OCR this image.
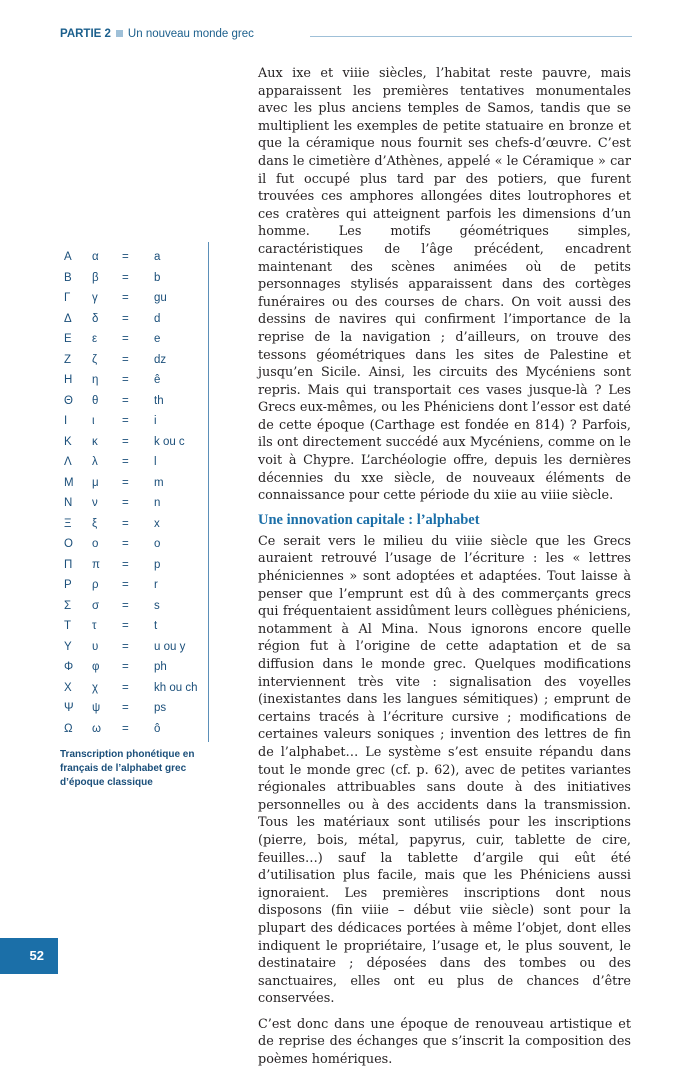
PARTIE 2 Un nouveau monde grec
Α α = a
Β β = b
Γ γ = gu
Δ δ = d
Ε ε = e
Ζ ζ = dz
Η η = ê
Θ θ = th
Ι ι = i
Κ κ = k ou c
Λ λ = l
Μ μ = m
Ν ν = n
Ξ ξ = x
Ο ο = o
Π π = p
Ρ ρ = r
Σ σ = s
Τ τ = t
Υ υ = u ou y
Φ φ = ph
Χ χ = kh ou ch
Ψ ψ = ps
Ω ω = ô
Transcription phonétique en français de l’alphabet grec d’époque classique

Aux ixe et viiie siècles, l’habitat reste pauvre, mais apparaissent les premières tentatives monumentales avec les plus anciens temples de Samos, tandis que se multiplient les exemples de petite statuaire en bronze et que la céramique nous fournit ses chefs-d’œuvre. C’est dans le cimetière d’Athènes, appelé « le Céramique » car il fut occupé plus tard par des potiers, que furent trouvées ces amphores allongées dites loutrophores et ces cratères qui atteignent parfois les dimensions d’un homme. Les motifs géométriques simples, caractéristiques de l’âge précédent, encadrent maintenant des scènes animées où de petits personnages stylisés apparaissent dans des cortèges funéraires ou des courses de chars. On voit aussi des dessins de navires qui confirment l’importance de la reprise de la navigation ; d’ailleurs, on trouve des tessons géométriques dans les sites de Palestine et jusqu’en Sicile. Ainsi, les circuits des Mycéniens sont repris. Mais qui transportait ces vases jusque-là ? Les Grecs eux-mêmes, ou les Phéniciens dont l’essor est daté de cette époque (Carthage est fondée en 814) ? Parfois, ils ont directement succédé aux Mycéniens, comme on le voit à Chypre. L’archéologie offre, depuis les dernières décennies du xxe siècle, de nouveaux éléments de connaissance pour cette période du xiie au viiie siècle.

Une innovation capitale : l’alphabet

Ce serait vers le milieu du viiie siècle que les Grecs auraient retrouvé l’usage de l’écriture : les « lettres phéniciennes » sont adoptées et adaptées. Tout laisse à penser que l’emprunt est dû à des commerçants grecs qui fréquentaient assidûment leurs collègues phéniciens, notamment à Al Mina. Nous ignorons encore quelle région fut à l’origine de cette adaptation et de sa diffusion dans le monde grec. Quelques modifications interviennent très vite : signalisation des voyelles (inexistantes dans les langues sémitiques) ; emprunt de certains tracés à l’écriture cursive ; modifications de certaines valeurs soniques ; invention des lettres de fin de l’alphabet… Le système s’est ensuite répandu dans tout le monde grec (cf. p. 62), avec de petites variantes régionales attribuables sans doute à des initiatives personnelles ou à des accidents dans la transmission. Tous les matériaux sont utilisés pour les inscriptions (pierre, bois, métal, papyrus, cuir, tablette de cire, feuilles…) sauf la tablette d’argile qui eût été d’utilisation plus facile, mais que les Phéniciens aussi ignoraient. Les premières inscriptions dont nous disposons (fin viiie – début viie siècle) sont pour la plupart des dédicaces portées à même l’objet, dont elles indiquent le propriétaire, l’usage et, le plus souvent, le destinataire ; déposées dans des tombes ou des sanctuaires, elles ont eu plus de chances d’être conservées.

C’est donc dans une époque de renouveau artistique et de reprise des échanges que s’inscrit la composition des poèmes homériques.

52
